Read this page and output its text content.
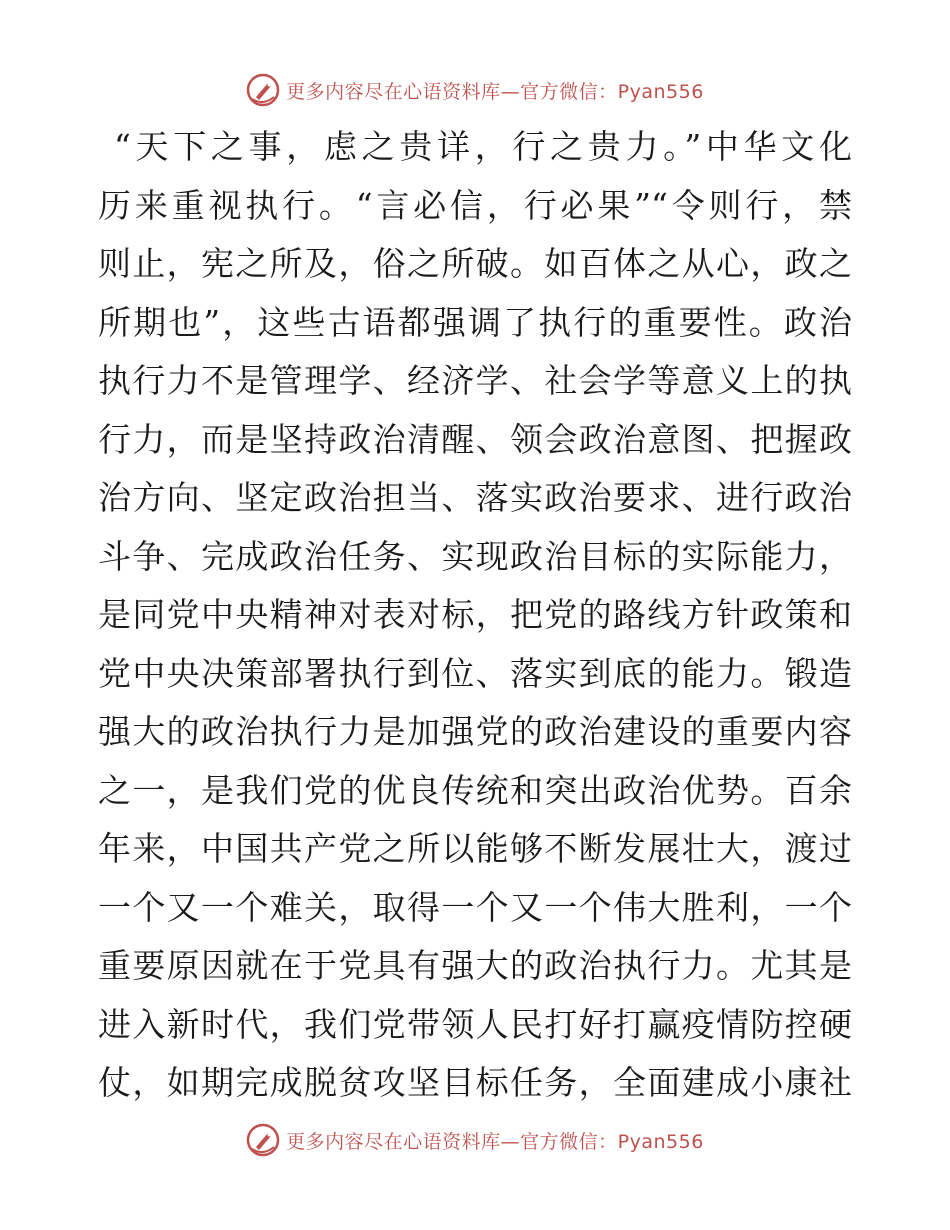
更多内容尽在心语资料库—官方微信：Pyan556
“天下之事，虑之贵详，行之贵力。”中华文化
历来重视执行。“言必信，行必果”“令则行，禁
则止，宪之所及，俗之所破。如百体之从心，政之
所期也”，这些古语都强调了执行的重要性。政治
执行力不是管理学、经济学、社会学等意义上的执
行力，而是坚持政治清醒、领会政治意图、把握政
治方向、坚定政治担当、落实政治要求、进行政治
斗争、完成政治任务、实现政治目标的实际能力，
是同党中央精神对表对标，把党的路线方针政策和
党中央决策部署执行到位、落实到底的能力。锻造
强大的政治执行力是加强党的政治建设的重要内容
之一，是我们党的优良传统和突出政治优势。百余
年来，中国共产党之所以能够不断发展壮大，渡过
一个又一个难关，取得一个又一个伟大胜利，一个
重要原因就在于党具有强大的政治执行力。尤其是
进入新时代，我们党带领人民打好打赢疫情防控硬
仗，如期完成脱贫攻坚目标任务，全面建成小康社
更多内容尽在心语资料库—官方微信：Pyan556
